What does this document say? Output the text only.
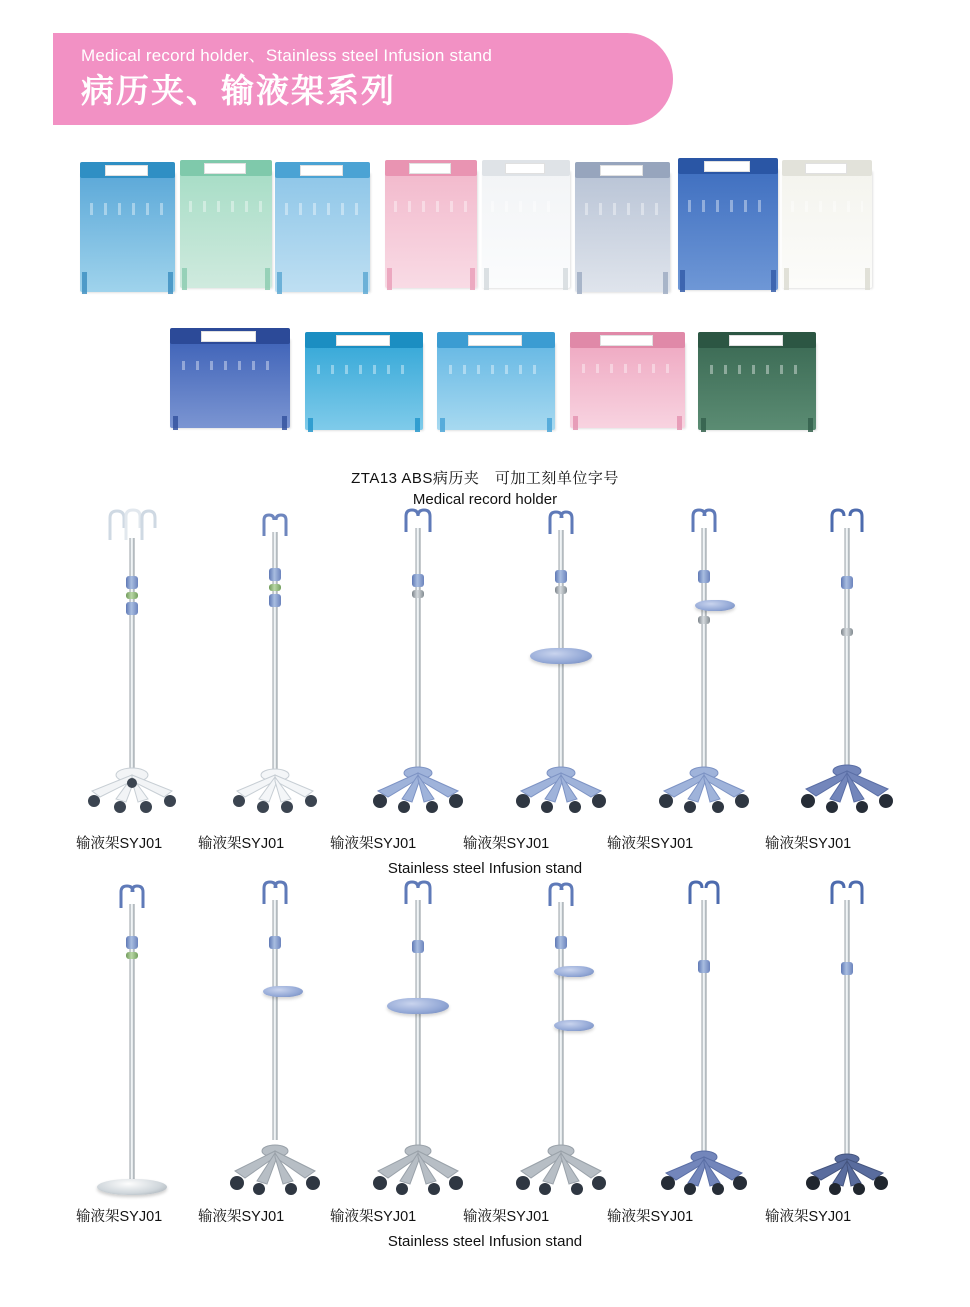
Medical record holder、Stainless steel Infusion stand
病历夹、输液架系列
ZTA13 ABS病历夹　可加工刻单位字号
Medical record holder
输液架SYJ01 输液架SYJ01	输液架SYJ01	输液架SYJ01	输液架SYJ01	输液架SYJ01
Stainless steel Infusion stand
输液架SYJ01 输液架SYJ01	输液架SYJ01	输液架SYJ01	输液架SYJ01	输液架SYJ01
Stainless steel Infusion stand
